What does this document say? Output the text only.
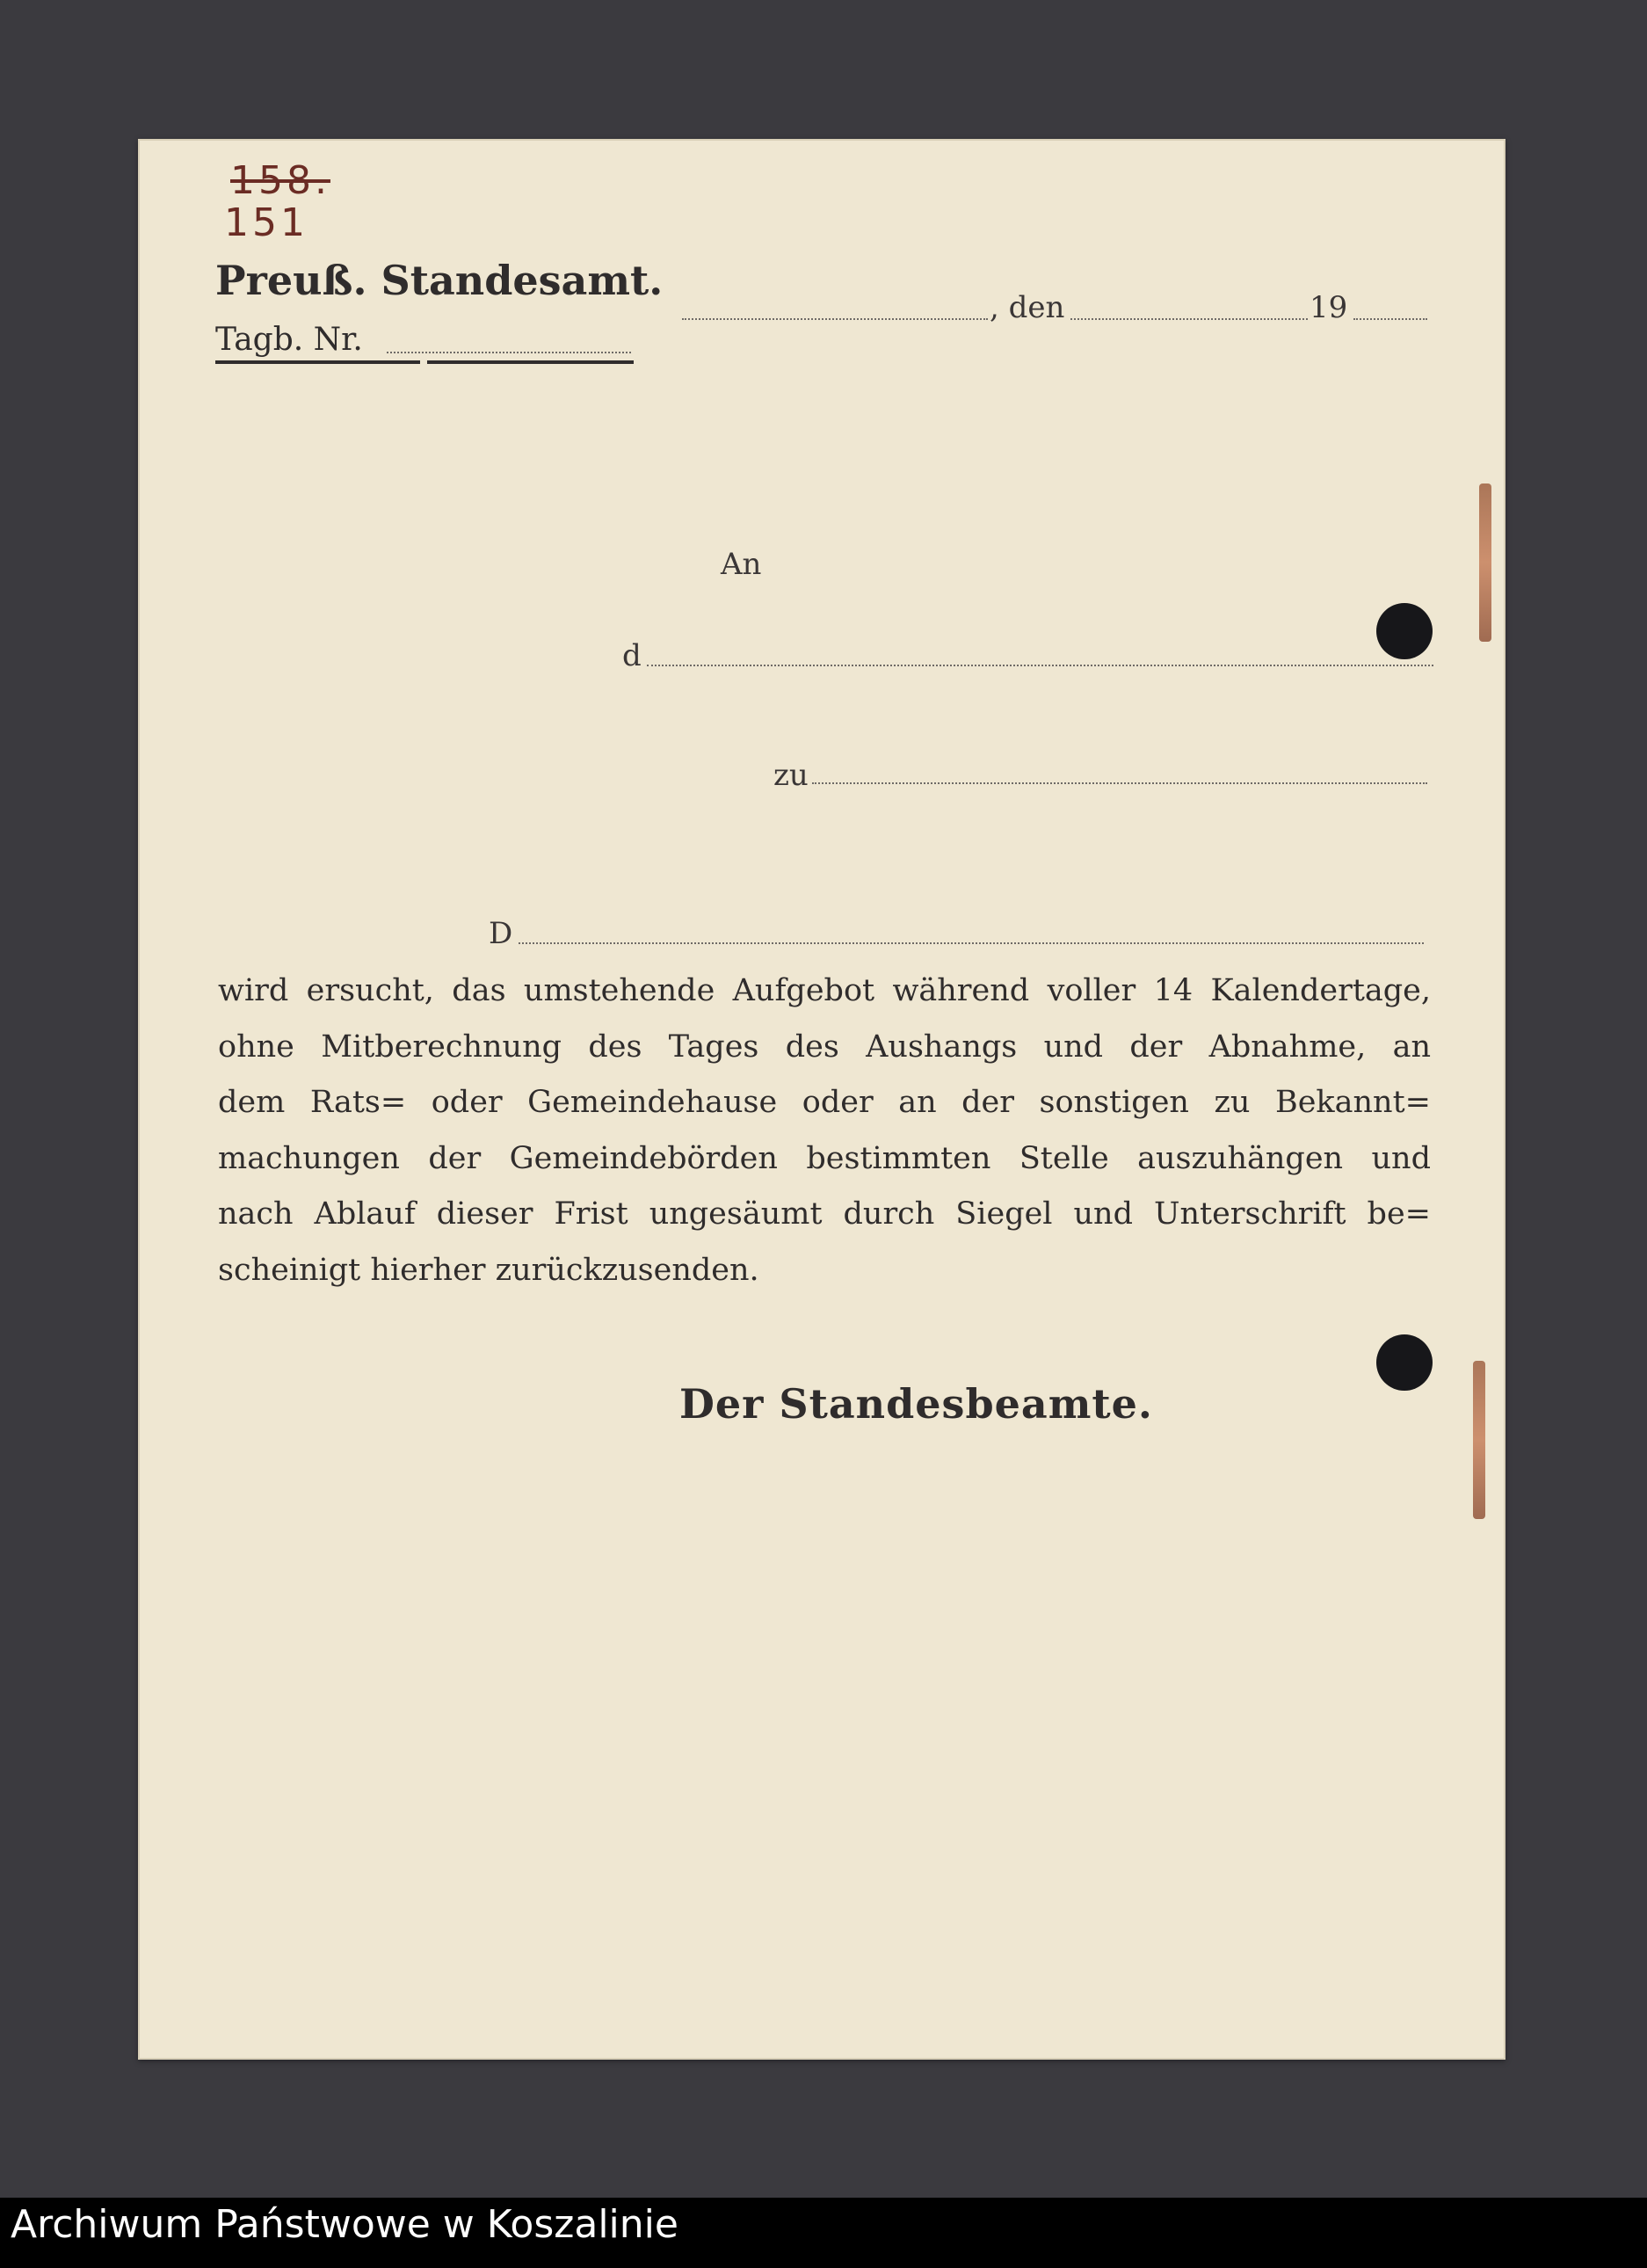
158.
151
Preuß. Standesamt.
Tagb. Nr.
, den	19
An
d
zu
D
wird ersucht, das umstehende Aufgebot während voller 14 Kalendertage,
ohne Mitberechnung des Tages des Aushangs und der Abnahme, an
dem Rats= oder Gemeindehause oder an der sonstigen zu Bekannt=
machungen der Gemeindebörden bestimmten Stelle auszuhängen und
nach Ablauf dieser Frist ungesäumt durch Siegel und Unterschrift be=
scheinigt hierher zurückzusenden.
Der Standesbeamte.
Archiwum Państwowe w Koszalinie
